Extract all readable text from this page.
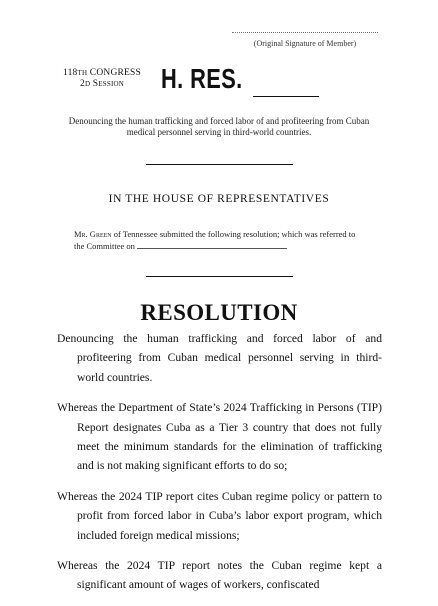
(Original Signature of Member)
118th CONGRESS
2d Session	H. RES.
Denouncing the human trafficking and forced labor of and profiteering from Cuban medical personnel serving in third-world countries.
IN THE HOUSE OF REPRESENTATIVES
Mr. Green of Tennessee submitted the following resolution; which was referred to the Committee on
RESOLUTION

Denouncing the human trafficking and forced labor of and profiteering from Cuban medical personnel serving in third-world countries.

Whereas the Department of State’s 2024 Trafficking in Persons (TIP) Report designates Cuba as a Tier 3 country that does not fully meet the minimum standards for the elimination of trafficking and is not making significant efforts to do so;

Whereas the 2024 TIP report cites Cuban regime policy or pattern to profit from forced labor in Cuba’s labor export program, which included foreign medical missions;

Whereas the 2024 TIP report notes the Cuban regime kept a significant amount of wages of workers, confiscated
